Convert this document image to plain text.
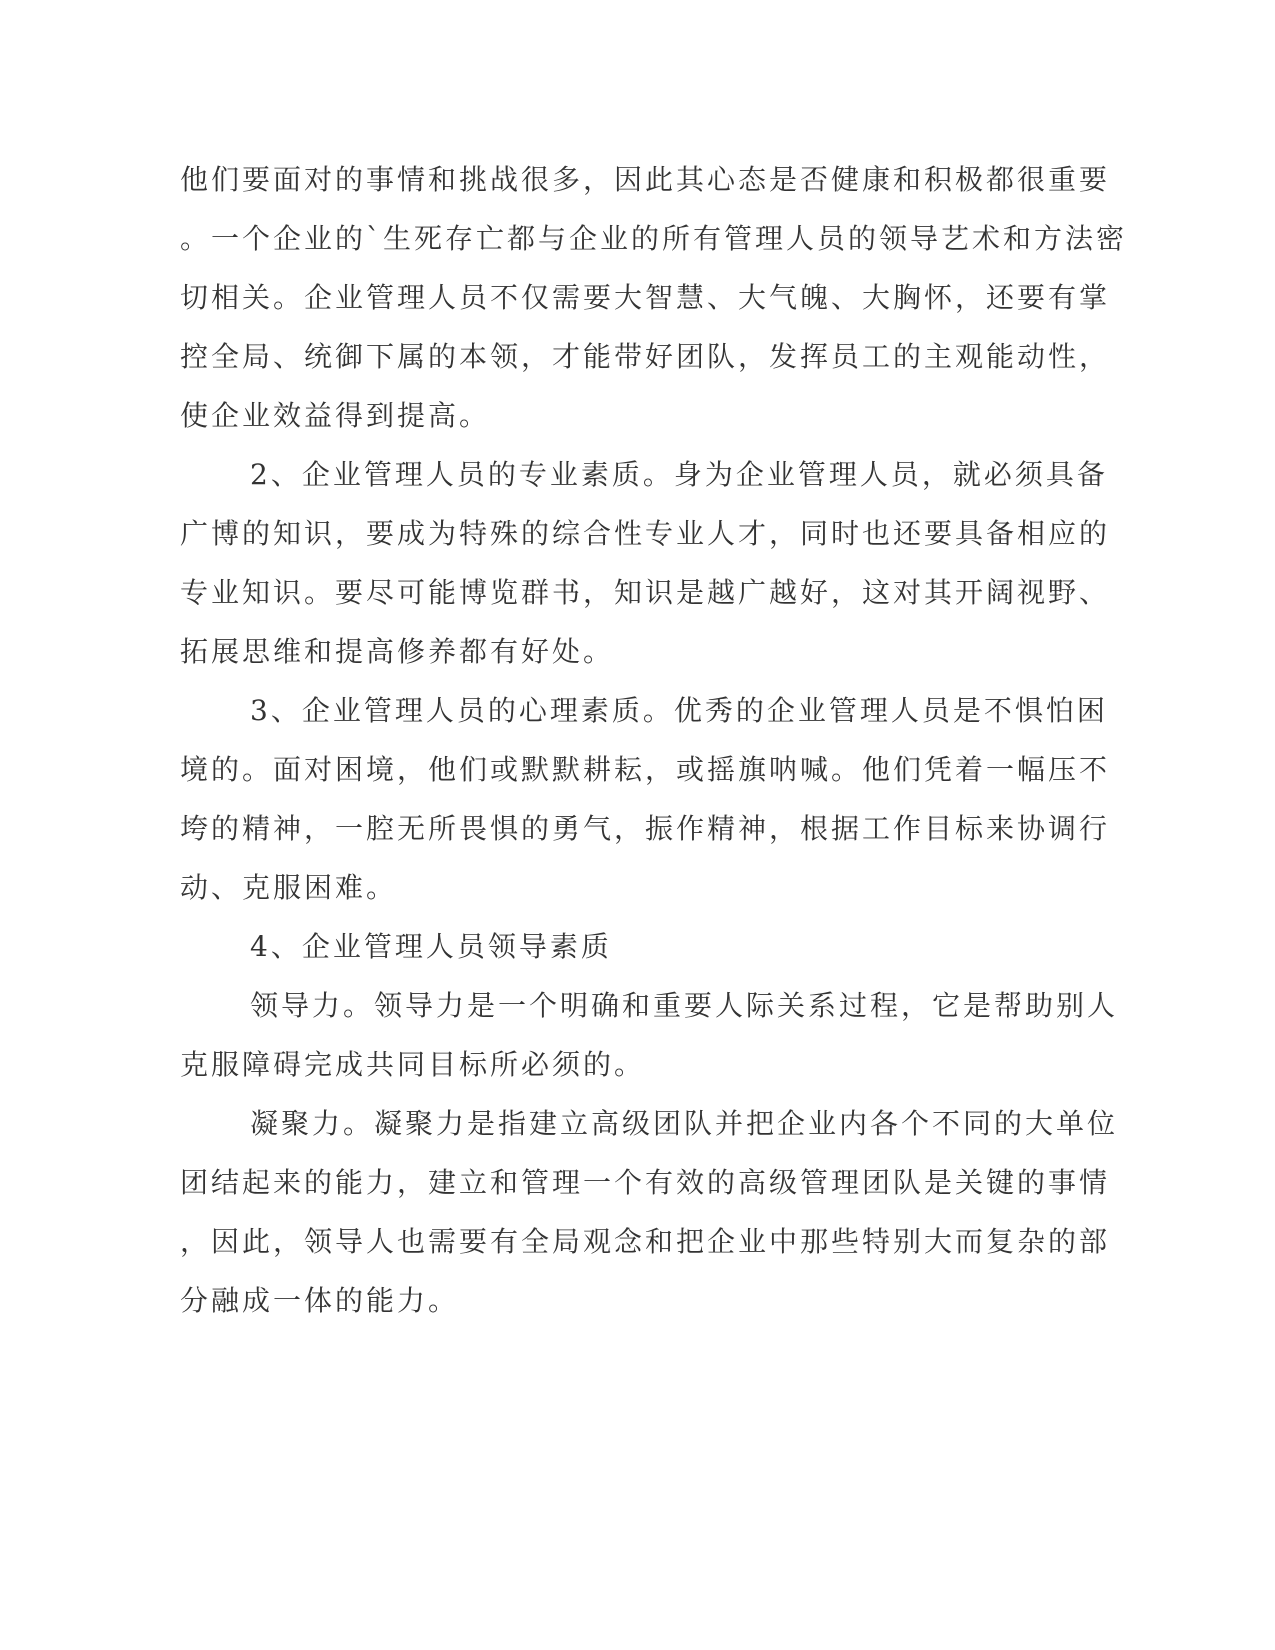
他们要面对的事情和挑战很多，因此其心态是否健康和积极都很重要
。一个企业的`生死存亡都与企业的所有管理人员的领导艺术和方法密
切相关。企业管理人员不仅需要大智慧、大气魄、大胸怀，还要有掌
控全局、统御下属的本领，才能带好团队，发挥员工的主观能动性，
使企业效益得到提高。
2、企业管理人员的专业素质。身为企业管理人员，就必须具备
广博的知识，要成为特殊的综合性专业人才，同时也还要具备相应的
专业知识。要尽可能博览群书，知识是越广越好，这对其开阔视野、
拓展思维和提高修养都有好处。
3、企业管理人员的心理素质。优秀的企业管理人员是不惧怕困
境的。面对困境，他们或默默耕耘，或摇旗呐喊。他们凭着一幅压不
垮的精神，一腔无所畏惧的勇气，振作精神，根据工作目标来协调行
动、克服困难。
4、企业管理人员领导素质
领导力。领导力是一个明确和重要人际关系过程，它是帮助别人
克服障碍完成共同目标所必须的。
凝聚力。凝聚力是指建立高级团队并把企业内各个不同的大单位
团结起来的能力，建立和管理一个有效的高级管理团队是关键的事情
，因此，领导人也需要有全局观念和把企业中那些特别大而复杂的部
分融成一体的能力。
